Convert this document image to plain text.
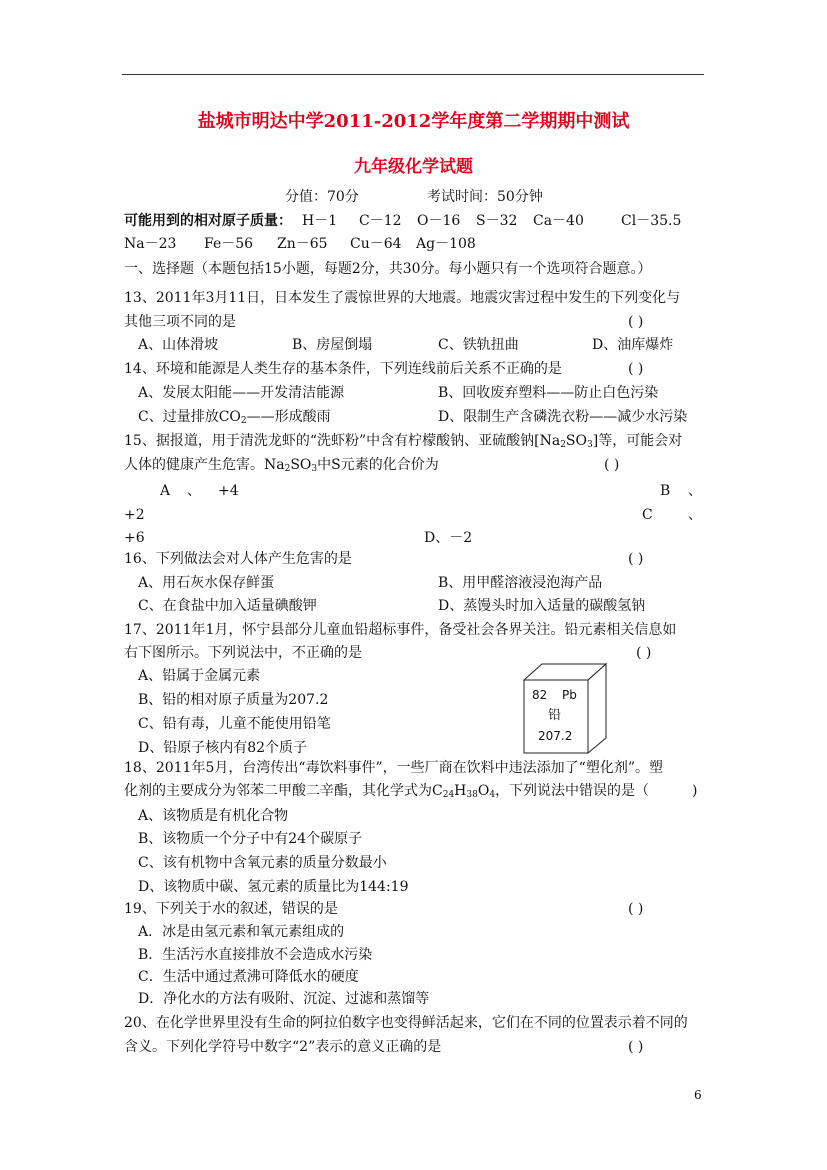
盐城市明达中学2011-2012学年度第二学期期中测试
九年级化学试题
分值：70分	考试时间：50分钟
可能用到的相对原子质量： H－1 C－12 O－16 S－32 Ca－40	Cl－35.5
Na－23 Fe－56 Zn－65 Cu－64 Ag－108
一、选择题（本题包括15小题，每题2分，共30分。每小题只有一个选项符合题意。）
13、2011年3月11日，日本发生了震惊世界的大地震。地震灾害过程中发生的下列变化与
其他三项不同的是	( )
A、山体滑坡	B、房屋倒塌	C、铁轨扭曲	D、油库爆炸
14、环境和能源是人类生存的基本条件，下列连线前后关系不正确的是	( )
A、发展太阳能——开发清洁能源	B、回收废弃塑料——防止白色污染
C、过量排放$CO_2——$形成酸雨	D、限制生产含磷洗衣粉——减少水污染
15、据报道，用于清洗龙虾的“洗虾粉”中含有柠檬酸钠、亚硫酸钠$[Na_2SO_3]$等，可能会对
人体的健康产生危害。$Na_2SO_3$中S元素的化合价为	( )
A 、 +4	B 、
+2	C	、
+6	D、－2
16、下列做法会对人体产生危害的是	( )
A、用石灰水保存鲜蛋	B、用甲醛溶液浸泡海产品
C、在食盐中加入适量碘酸钾	D、蒸馒头时加入适量的碳酸氢钠
17、2011年1月，怀宁县部分儿童血铅超标事件，备受社会各界关注。铅元素相关信息如
右下图所示。下列说法中，不正确的是	( )
A、铅属于金属元素
B、铅的相对原子质量为207.2
C、铅有毒，儿童不能使用铅笔
D、铅原子核内有82个质子
82 Pb
铅
207.2
18、2011年5月，台湾传出“毒饮料事件”，一些厂商在饮料中违法添加了“塑化剂”。塑
化剂的主要成分为邻苯二甲酸二辛酯，其化学式为$C_{24}H_{38}O_4$，下列说法中错误的是（	)
A、该物质是有机化合物
B、该物质一个分子中有24个碳原子
C、该有机物中含氧元素的质量分数最小
D、该物质中碳、氢元素的质量比为144:19
19、下列关于水的叙述，错误的是	( )
A．冰是由氢元素和氧元素组成的
B．生活污水直接排放不会造成水污染
C．生活中通过煮沸可降低水的硬度
D．净化水的方法有吸附、沉淀、过滤和蒸馏等
20、在化学世界里没有生命的阿拉伯数字也变得鲜活起来，它们在不同的位置表示着不同的
含义。下列化学符号中数字“2”表示的意义正确的是	( )
6
